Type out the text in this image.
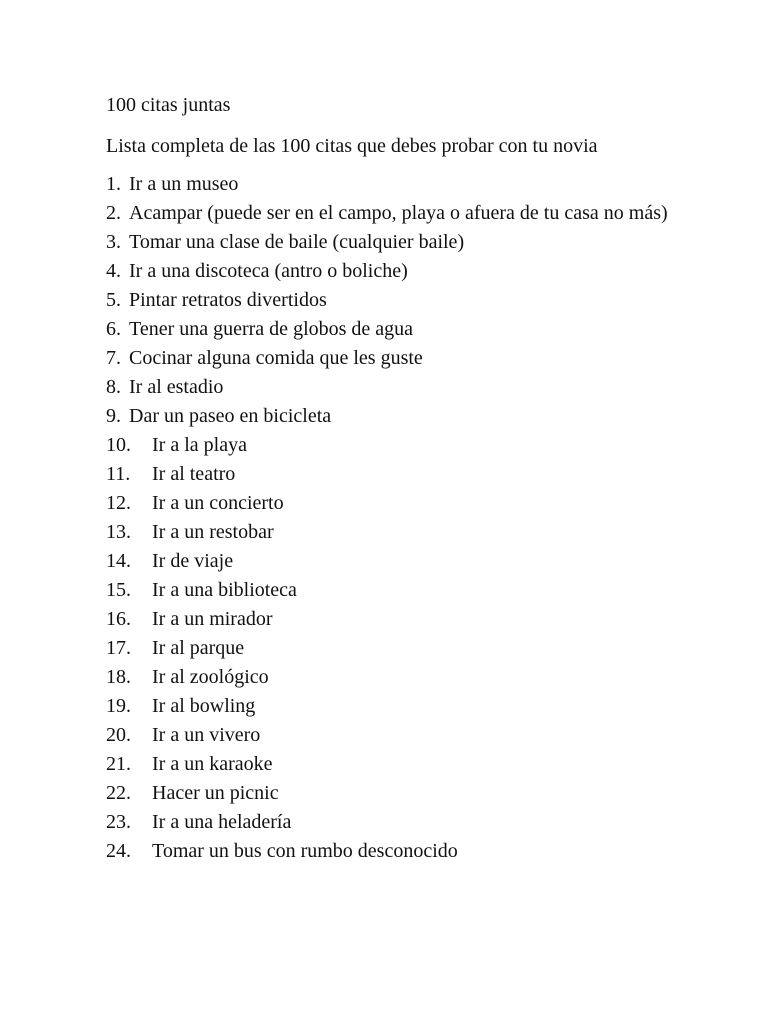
100 citas juntas

Lista completa de las 100 citas que debes probar con tu novia

1. Ir a un museo
2. Acampar (puede ser en el campo, playa o afuera de tu casa no más)
3. Tomar una clase de baile (cualquier baile)
4. Ir a una discoteca (antro o boliche)
5. Pintar retratos divertidos
6. Tener una guerra de globos de agua
7. Cocinar alguna comida que les guste
8. Ir al estadio
9. Dar un paseo en bicicleta
10.	Ir a la playa
11.	Ir al teatro
12.	Ir a un concierto
13.	Ir a un restobar
14.	Ir de viaje
15.	Ir a una biblioteca
16.	Ir a un mirador
17.	Ir al parque
18.	Ir al zoológico
19.	Ir al bowling
20.	Ir a un vivero
21.	Ir a un karaoke
22.	Hacer un picnic
23.	Ir a una heladería
24.	Tomar un bus con rumbo desconocido
